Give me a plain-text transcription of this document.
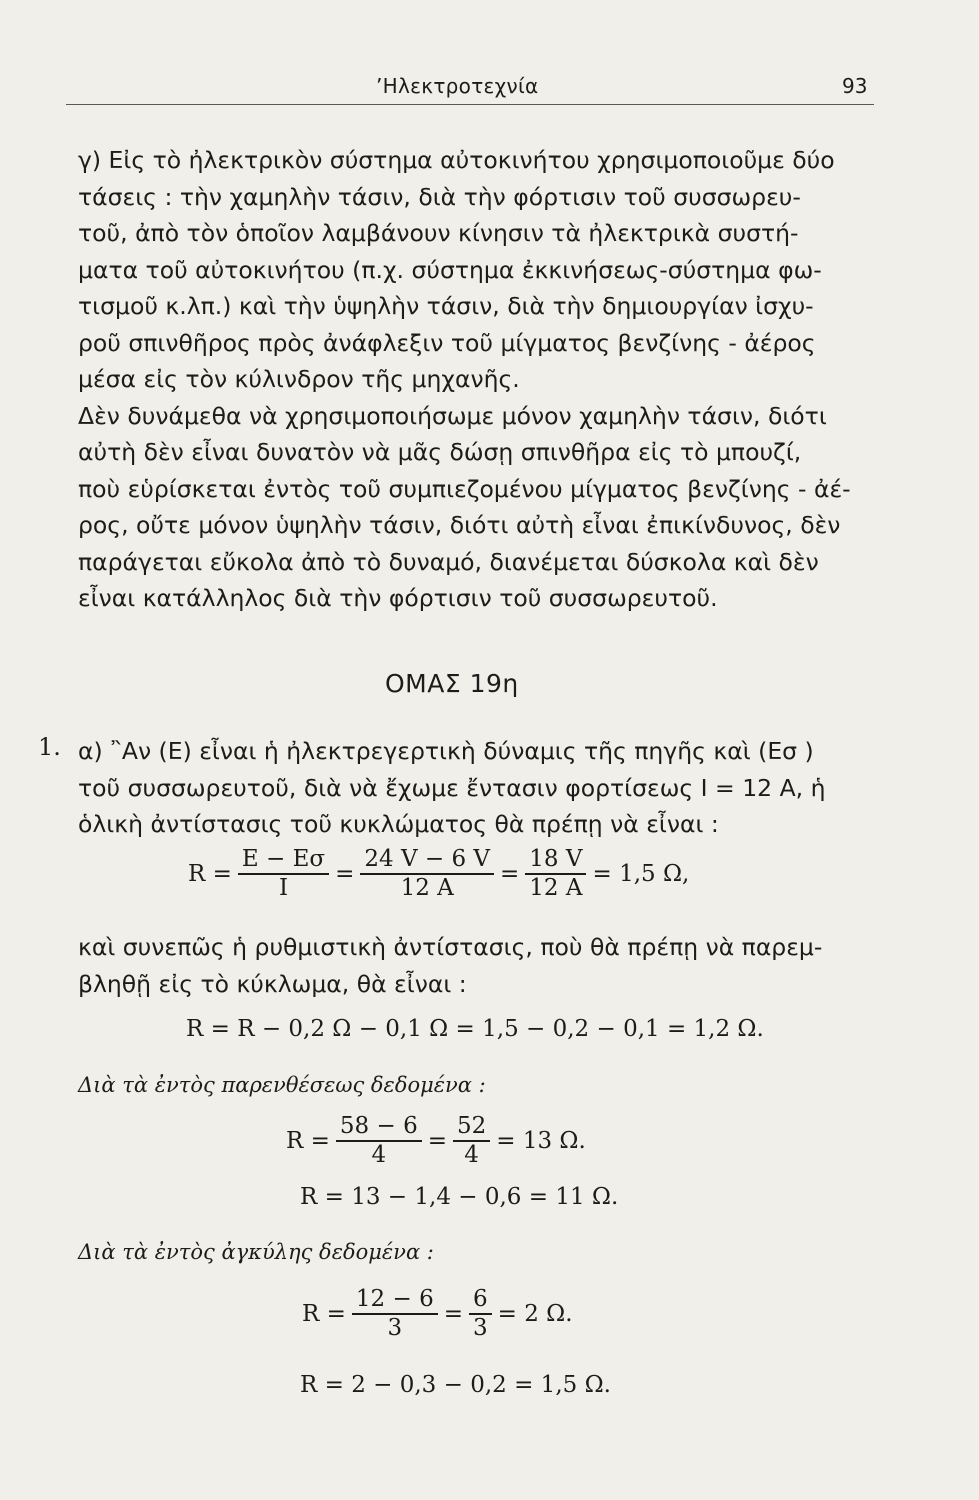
’Ηλεκτροτεχνία	93
γ) Εἰς τὸ ἠλεκτρικὸν σύστημα αὐτοκινήτου χρησιμοποιοῦμε δύο
τάσεις : τὴν χαμηλὴν τάσιν, διὰ τὴν φόρτισιν τοῦ συσσωρευ-
τοῦ, ἀπὸ τὸν ὁποῖον λαμβάνουν κίνησιν τὰ ἠλεκτρικὰ συστή-
ματα τοῦ αὐτοκινήτου (π.χ. σύστημα ἐκκινήσεως-σύστημα φω-
τισμοῦ κ.λπ.) καὶ τὴν ὑψηλὴν τάσιν, διὰ τὴν δημιουργίαν ἰσχυ-
ροῦ σπινθῆρος πρὸς ἀνάφλεξιν τοῦ μίγματος βενζίνης - ἀέρος
μέσα εἰς τὸν κύλινδρον τῆς μηχανῆς.
Δὲν δυνάμεθα νὰ χρησιμοποιήσωμε μόνον χαμηλὴν τάσιν, διότι
αὐτὴ δὲν εἶναι δυνατὸν νὰ μᾶς δώσῃ σπινθῆρα εἰς τὸ μπουζί,
ποὺ εὑρίσκεται ἐντὸς τοῦ συμπιεζομένου μίγματος βενζίνης - ἀέ-
ρος, οὔτε μόνον ὑψηλὴν τάσιν, διότι αὐτὴ εἶναι ἐπικίνδυνος, δὲν
παράγεται εὔκολα ἀπὸ τὸ δυναμό, διανέμεται δύσκολα καὶ δὲν
εἶναι κατάλληλος διὰ τὴν φόρτισιν τοῦ συσσωρευτοῦ.
ΟΜΑΣ 19η
1. α) ῍Αν (Ε) εἶναι ἡ ἠλεκτρεγερτικὴ δύναμις τῆς πηγῆς καὶ (Εσ )
τοῦ συσσωρευτοῦ, διὰ νὰ ἔχωμε ἔντασιν φορτίσεως Ι = 12 A, ἡ
ὁλικὴ ἀντίστασις τοῦ κυκλώματος θὰ πρέπῃ νὰ εἶναι :
$R = \frac{E - E\sigma}{I} = \frac{24 V - 6 V}{12 A} = \frac{18 V}{12 A} = 1,5$ Ω,
καὶ συνεπῶς ἡ ρυθμιστικὴ ἀντίστασις, ποὺ θὰ πρέπῃ νὰ παρεμ-
βληθῇ εἰς τὸ κύκλωμα, θὰ εἶναι :
R = R − 0,2 Ω − 0,1 Ω = 1,5 − 0,2 − 0,1 = 1,2 Ω.
Διὰ τὰ ἐντὸς παρενθέσεως δεδομένα :
$R = \frac{58 - 6}{4} = \frac{52}{4} = 13$ Ω.
R = 13 − 1,4 − 0,6 = 11 Ω.
Διὰ τὰ ἐντὸς ἀγκύλης δεδομένα :
$R = \frac{12 - 6}{3} = \frac{6}{3} = 2$ Ω.
R = 2 − 0,3 − 0,2 = 1,5 Ω.
